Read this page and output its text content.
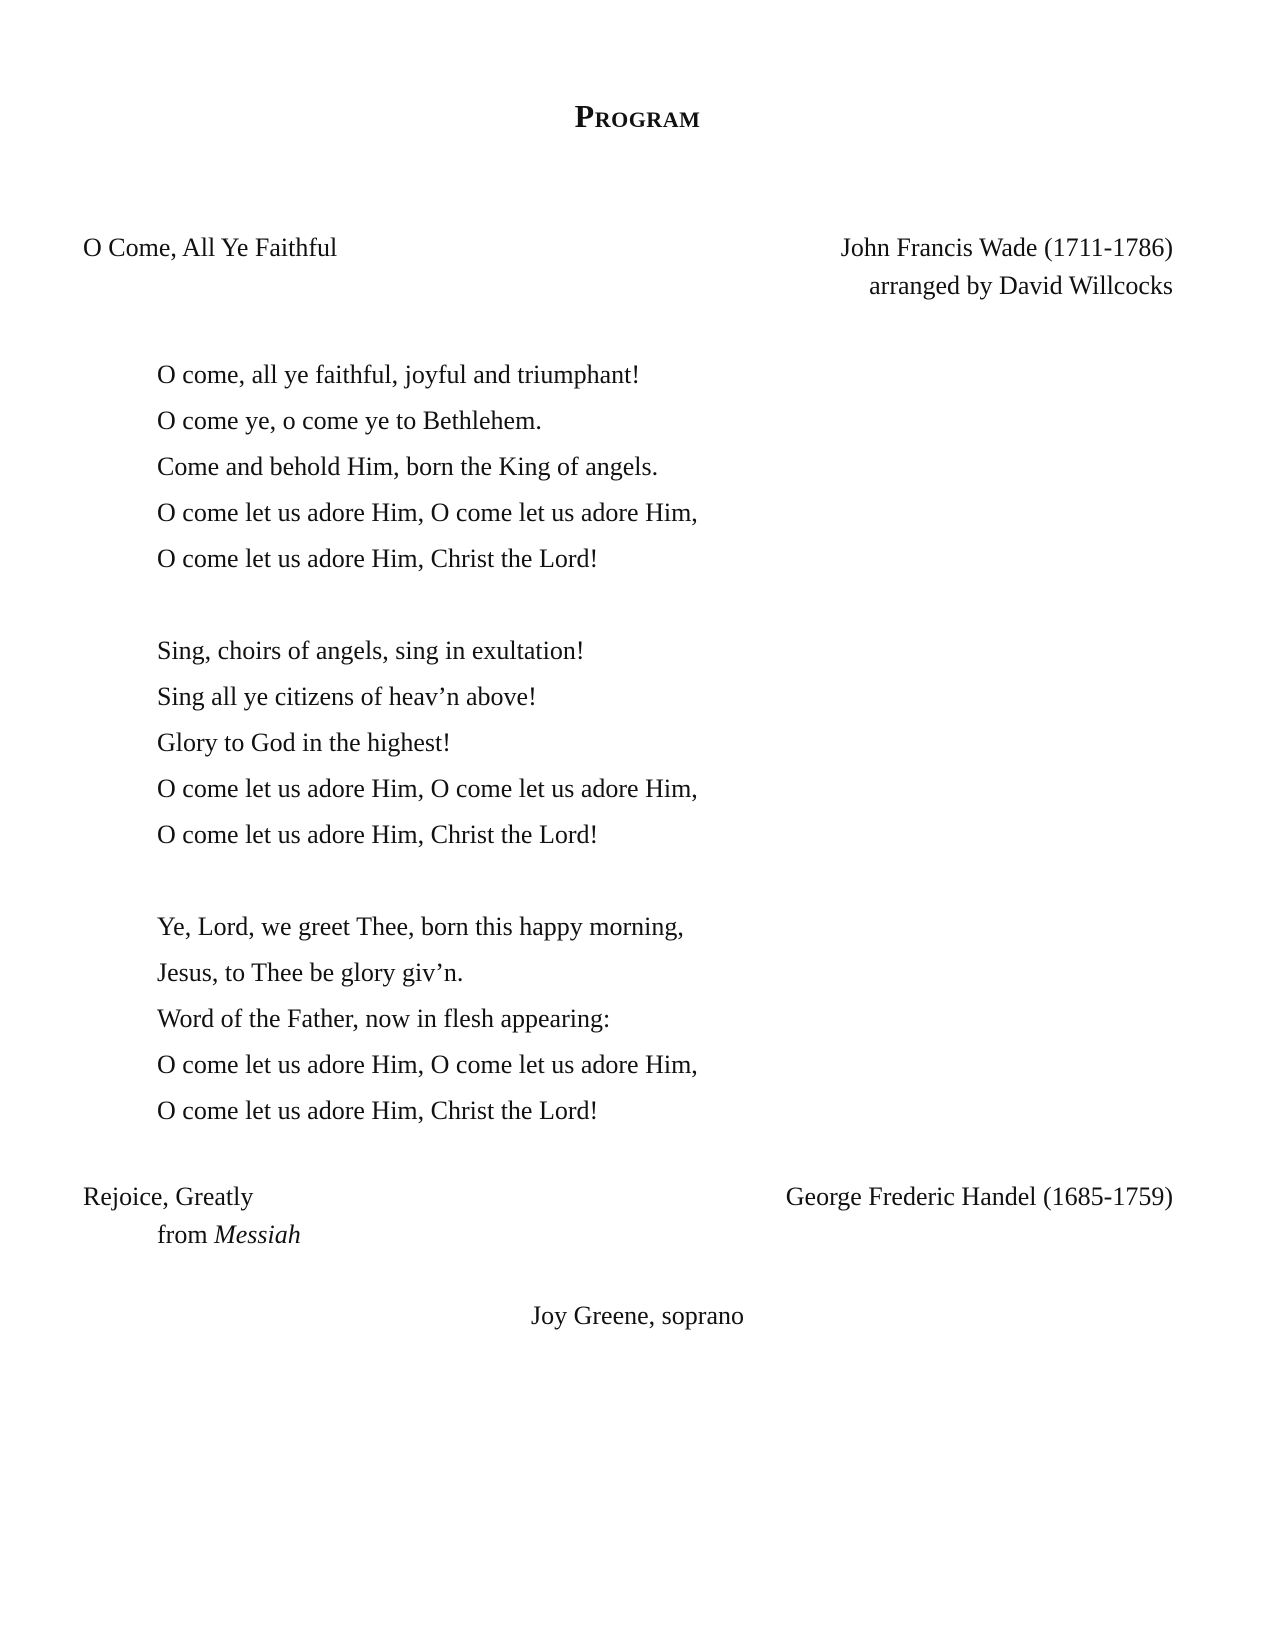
Program
O Come, All Ye Faithful	John Francis Wade (1711-1786)
arranged by David Willcocks
O come, all ye faithful, joyful and triumphant!
O come ye, o come ye to Bethlehem.
Come and behold Him, born the King of angels.
O come let us adore Him, O come let us adore Him,
O come let us adore Him, Christ the Lord!
Sing, choirs of angels, sing in exultation!
Sing all ye citizens of heav’n above!
Glory to God in the highest!
O come let us adore Him, O come let us adore Him,
O come let us adore Him, Christ the Lord!
Ye, Lord, we greet Thee, born this happy morning,
Jesus, to Thee be glory giv’n.
Word of the Father, now in flesh appearing:
O come let us adore Him, O come let us adore Him,
O come let us adore Him, Christ the Lord!
Rejoice, Greatly	George Frederic Handel (1685-1759)
from Messiah
Joy Greene, soprano
